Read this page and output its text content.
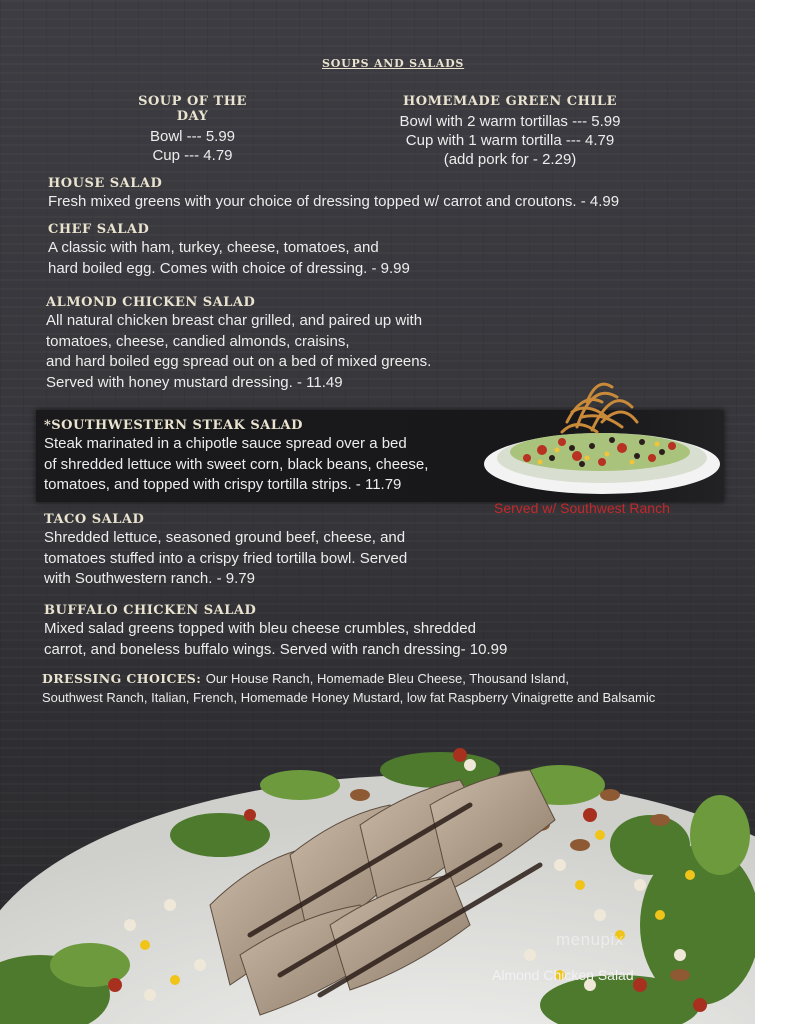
SOUPS AND SALADS
SOUP OF THE DAY
Bowl --- 5.99
Cup --- 4.79
HOMEMADE GREEN CHILE
Bowl with 2 warm tortillas --- 5.99
Cup with 1 warm tortilla --- 4.79
(add pork for - 2.29)
HOUSE SALAD
Fresh mixed greens with your choice of dressing topped w/ carrot and croutons. - 4.99
CHEF SALAD
A classic with ham, turkey, cheese, tomatoes, and
hard boiled egg. Comes with choice of dressing. - 9.99
ALMOND CHICKEN SALAD
All natural chicken breast char grilled, and paired up with
tomatoes, cheese, candied almonds, craisins,
and hard boiled egg spread out on a bed of mixed greens.
Served with honey mustard dressing. - 11.49
*SOUTHWESTERN STEAK SALAD
Steak marinated in a chipotle sauce spread over a bed
of shredded lettuce with sweet corn, black beans, cheese,
tomatoes, and topped with crispy tortilla strips. - 11.79
Served w/ Southwest Ranch
TACO SALAD
Shredded lettuce, seasoned ground beef, cheese, and
tomatoes stuffed into a crispy fried tortilla bowl. Served
with Southwestern ranch. - 9.79
BUFFALO CHICKEN SALAD
Mixed salad greens topped with bleu cheese crumbles, shredded
carrot, and boneless buffalo wings. Served with ranch dressing- 10.99
DRESSING CHOICES: Our House Ranch, Homemade Bleu Cheese, Thousand Island,
Southwest Ranch, Italian, French, Homemade Honey Mustard, low fat Raspberry Vinaigrette and Balsamic
menupix
Almond Chicken Salad
